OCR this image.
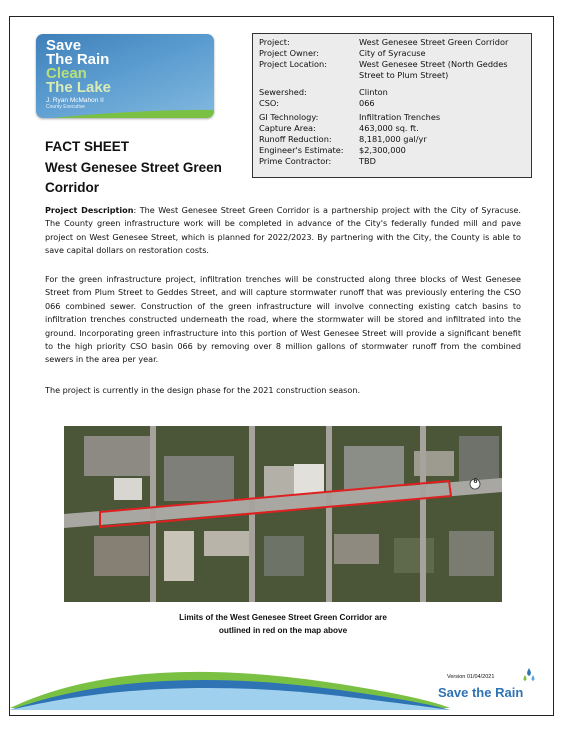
Save
The Rain
Clean
The Lake
J. Ryan McMahon II
County Executive
Project:	West Genesee Street Green Corridor
Project Owner:	City of Syracuse
Project Location:	West Genesee Street (North Geddes Street to Plum Street)
Sewershed:	Clinton
CSO:	066
GI Technology:	Infiltration Trenches
Capture Area:	463,000 sq. ft.
Runoff Reduction:	8,181,000 gal/yr
Engineer's Estimate:	$2,300,000
Prime Contractor:	TBD
FACT SHEET
West Genesee Street Green Corridor
Project Description: The West Genesee Street Green Corridor is a partnership project with the City of Syracuse. The County green infrastructure work will be completed in advance of the City's federally funded mill and pave project on West Genesee Street, which is planned for 2022/2023. By partnering with the City, the County is able to save capital dollars on restoration costs.
For the green infrastructure project, infiltration trenches will be constructed along three blocks of West Genesee Street from Plum Street to Geddes Street, and will capture stormwater runoff that was previously entering the CSO 066 combined sewer. Construction of the green infrastructure will involve connecting existing catch basins to infiltration trenches constructed underneath the road, where the stormwater will be stored and infiltrated into the ground. Incorporating green infrastructure into this portion of West Genesee Street will provide a significant benefit to the high priority CSO basin 066 by removing over 8 million gallons of stormwater runoff from the combined sewers in the area per year.
The project is currently in the design phase for the 2021 construction season.
6
Limits of the West Genesee Street Green Corridor are
outlined in red on the map above
Version 01/04/2021
Save the Rain
